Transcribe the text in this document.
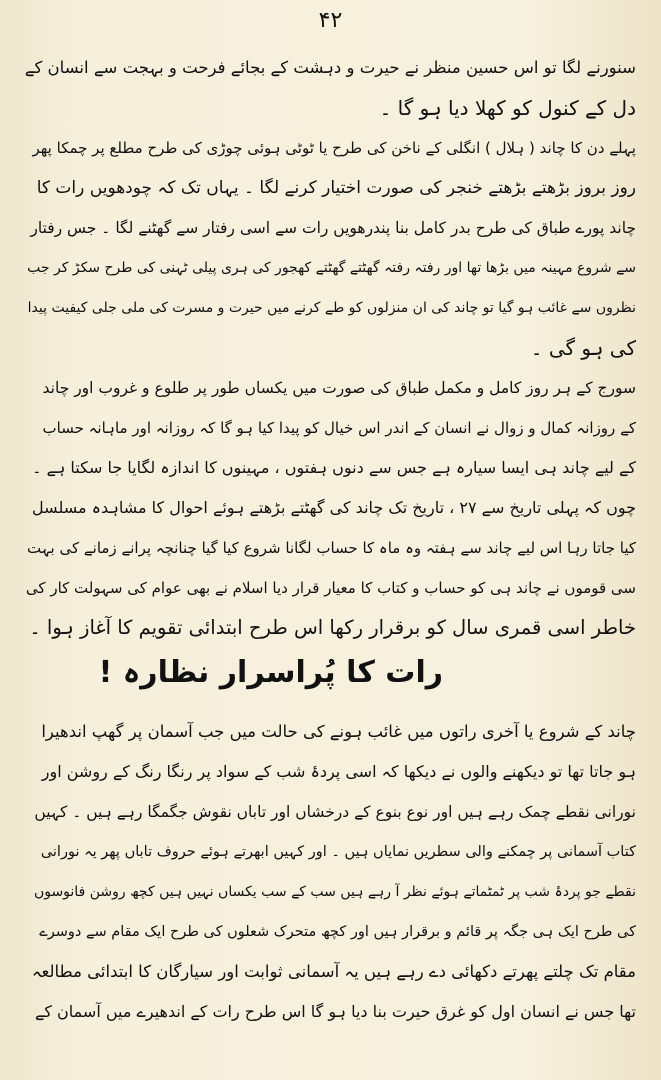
۴۲
سنورنے لگا تو اس حسین منظر نے حیرت و دہشت کے بجائے فرحت و بہجت سے انسان کے
دل کے کنول کو کھلا دیا ہو گا ۔
پہلے دن کا چاند ( ہلال ) انگلی کے ناخن کی طرح یا ٹوٹی ہوئی چوڑی کی طرح مطلع پر چمکا پھر
روز بروز بڑھتے بڑھتے خنجر کی صورت اختیار کرنے لگا ۔ یہاں تک کہ چودھویں رات کا
چاند پورے طباق کی طرح بدر کامل بنا پندرھویں رات سے اسی رفتار سے گھٹنے لگا ۔ جس رفتار
سے شروع مہینہ میں بڑھا تھا اور رفتہ رفتہ گھٹتے گھٹتے کھجور کی ہری پیلی ٹہنی کی طرح سکڑ کر جب
نظروں سے غائب ہو گیا تو چاند کی ان منزلوں کو طے کرنے میں حیرت و مسرت کی ملی جلی کیفیت پیدا
کی ہو گی ۔
سورج کے ہر روز کامل و مکمل طباق کی صورت میں یکساں طور پر طلوع و غروب اور چاند
کے روزانہ کمال و زوال نے انسان کے اندر اس خیال کو پیدا کیا ہو گا کہ روزانہ اور ماہانہ حساب
کے لیے چاند ہی ایسا سیارہ ہے جس سے دنوں ہفتوں ، مہینوں کا اندازہ لگایا جا سکتا ہے ۔
چوں کہ پہلی تاریخ سے ۲۷ ، تاریخ تک چاند کی گھٹتے بڑھتے ہوئے احوال کا مشاہدہ مسلسل
کیا جاتا رہا اس لیے چاند سے ہفتہ وہ ماہ کا حساب لگانا شروع کیا گیا چنانچہ پرانے زمانے کی بہت
سی قوموں نے چاند ہی کو حساب و کتاب کا معیار قرار دیا اسلام نے بھی عوام کی سہولت کار کی
خاطر اسی قمری سال کو برقرار رکھا اس طرح ابتدائی تقویم کا آغاز ہوا ۔
رات کا پُراسرار نظارہ !
چاند کے شروع یا آخری راتوں میں غائب ہونے کی حالت میں جب آسمان پر گھپ اندھیرا
ہو جاتا تھا تو دیکھنے والوں نے دیکھا کہ اسی پردۂ شب کے سواد پر رنگا رنگ کے روشن اور
نورانی نقطے چمک رہے ہیں اور نوع بنوع کے درخشاں اور تاباں نقوش جگمگا رہے ہیں ۔ کہیں
کتاب آسمانی پر چمکنے والی سطریں نمایاں ہیں ۔ اور کہیں ابھرتے ہوئے حروف تاباں پھر یہ نورانی
نقطے جو پردۂ شب پر ٹمٹماتے ہوئے نظر آ رہے ہیں سب کے سب یکساں نہیں ہیں کچھ روشن فانوسوں
کی طرح ایک ہی جگہ پر قائم و برقرار ہیں اور کچھ متحرک شعلوں کی طرح ایک مقام سے دوسرے
مقام تک چلتے پھرتے دکھائی دے رہے ہیں یہ آسمانی ثوابت اور سیارگان کا ابتدائی مطالعہ
تھا جس نے انسان اول کو غرق حیرت بنا دیا ہو گا اس طرح رات کے اندھیرے میں آسمان کے
